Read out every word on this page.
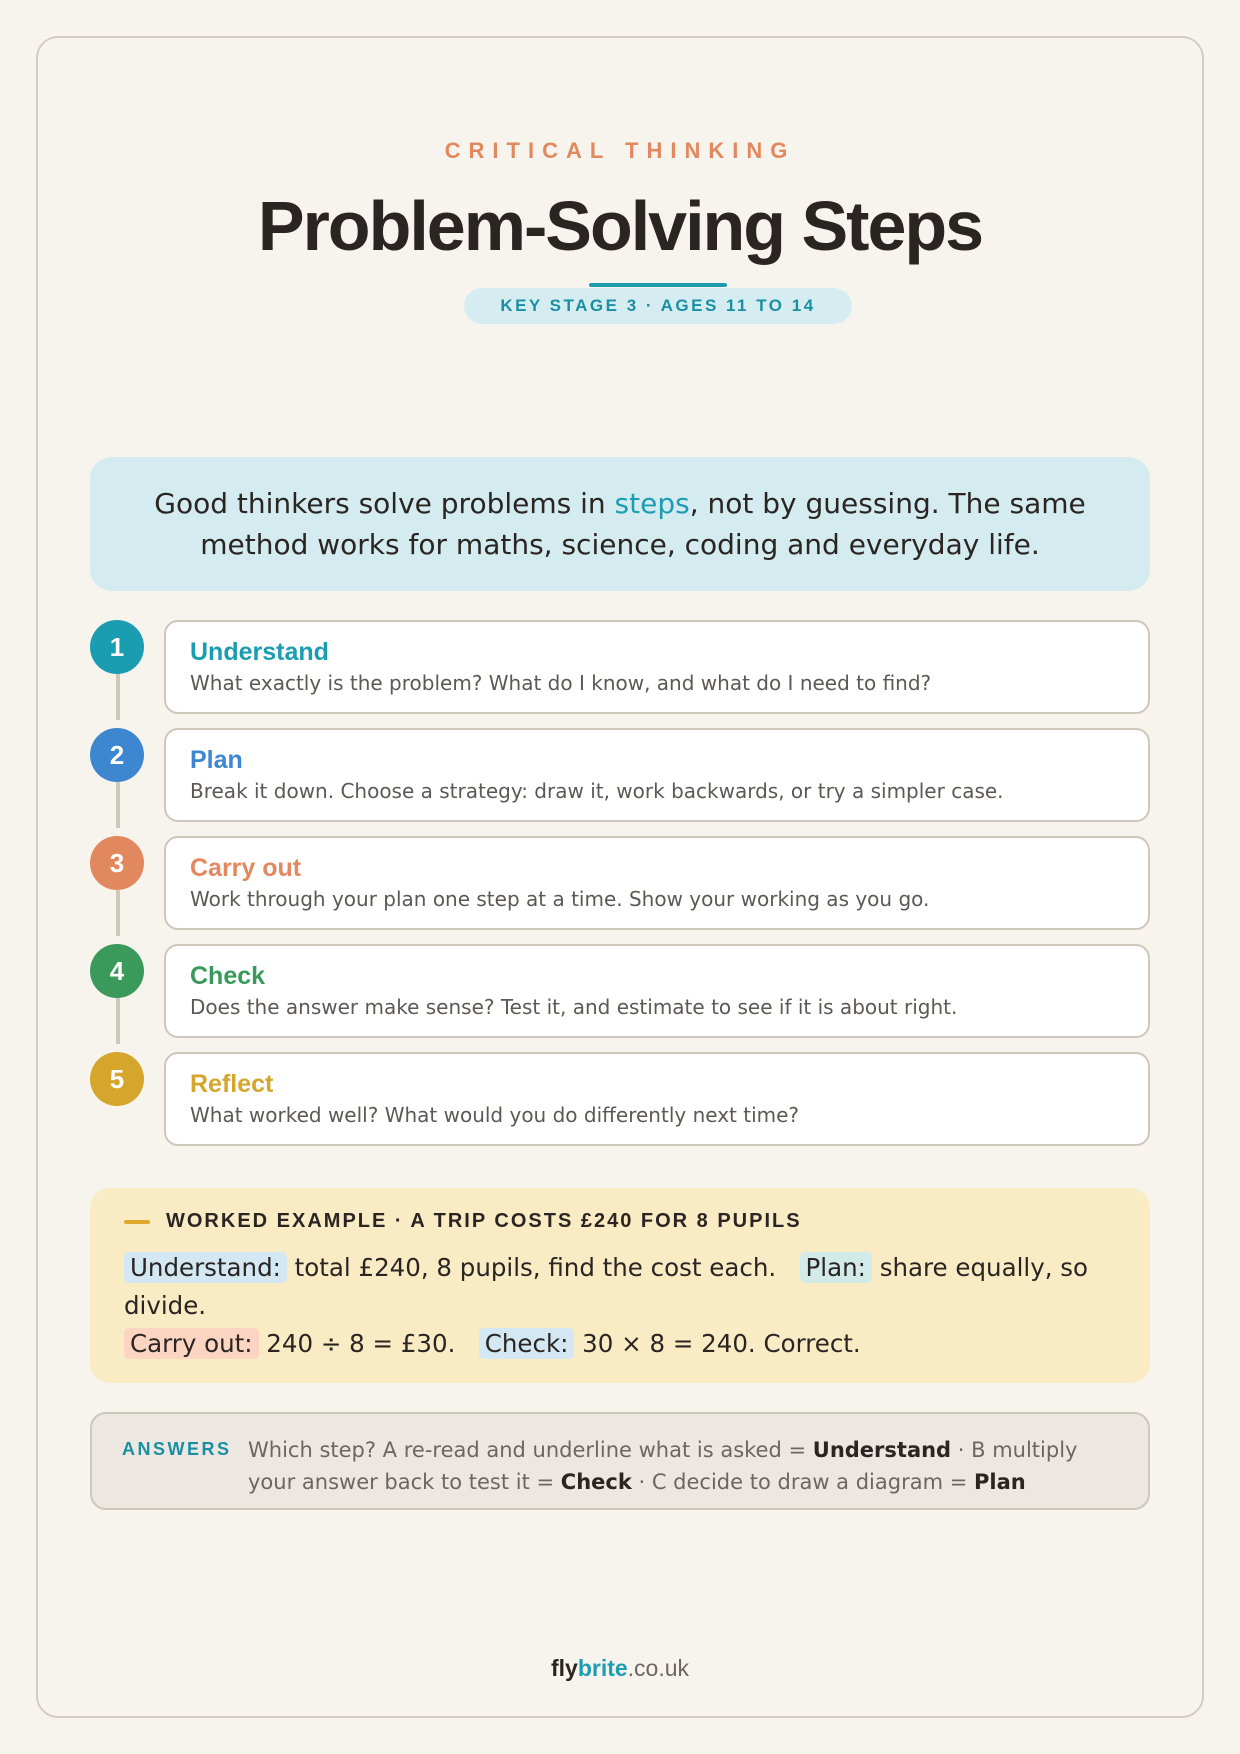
CRITICAL THINKING
Problem-Solving Steps
KEY STAGE 3 · AGES 11 TO 14

Good thinkers solve problems in steps, not by guessing. The same method works for maths, science, coding and everyday life.

1	Understand
What exactly is the problem? What do I know, and what do I need to find?
2	Plan
Break it down. Choose a strategy: draw it, work backwards, or try a simpler case.
3	Carry out
Work through your plan one step at a time. Show your working as you go.
4	Check
Does the answer make sense? Test it, and estimate to see if it is about right.
5	Reflect
What worked well? What would you do differently next time?
WORKED EXAMPLE · A TRIP COSTS £240 FOR 8 PUPILS
Understand: total £240, 8 pupils, find the cost each.   Plan: share equally, so divide.
Carry out: 240 ÷ 8 = £30.   Check: 30 × 8 = 240. Correct.
ANSWERS Which step? A re-read and underline what is asked = Understand · B multiply your answer back to test it = Check · C decide to draw a diagram = Plan
flybrite.co.uk
